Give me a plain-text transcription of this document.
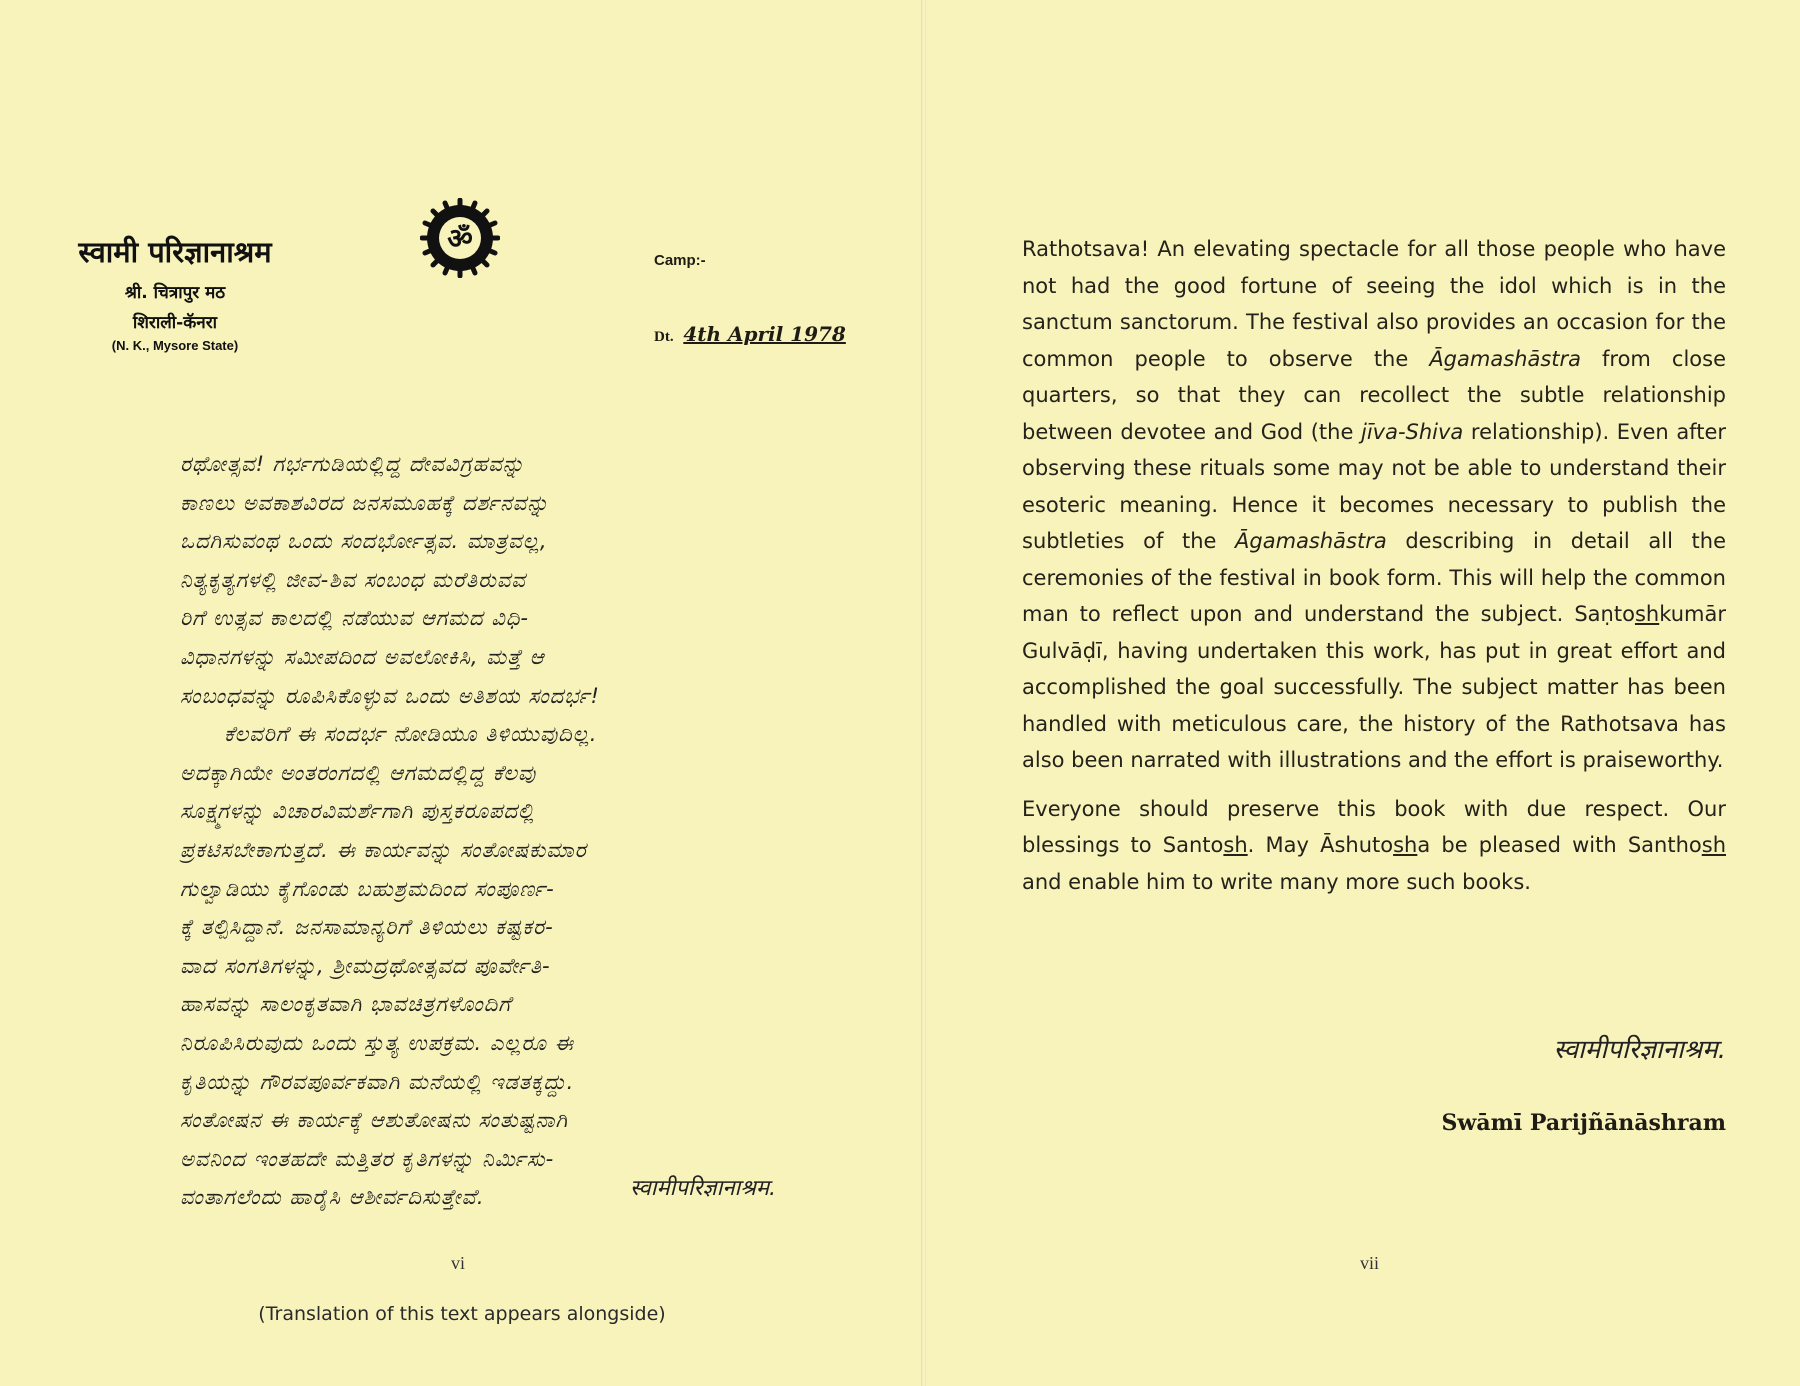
स्वामी परिज्ञानाश्रम
श्री. चित्रापुर मठ
शिराली-कॅनरा
(N. K., Mysore State)
ॐ
Camp:-
Dt. 4th April 1978
ರಥೋತ್ಸವ! ಗರ್ಭಗುಡಿಯಲ್ಲಿದ್ದ ದೇವವಿಗ್ರಹವನ್ನು
ಕಾಣಲು ಅವಕಾಶವಿರದ ಜನಸಮೂಹಕ್ಕೆ ದರ್ಶನವನ್ನು
ಒದಗಿಸುವಂಥ ಒಂದು ಸಂದರ್ಭೋತ್ಸವ. ಮಾತ್ರವಲ್ಲ,
ನಿತ್ಯಕೃತ್ಯಗಳಲ್ಲಿ ಜೀವ-ಶಿವ ಸಂಬಂಧ ಮರೆತಿರುವವ
ರಿಗೆ ಉತ್ಸವ ಕಾಲದಲ್ಲಿ ನಡೆಯುವ ಆಗಮದ ವಿಧಿ-
ವಿಧಾನಗಳನ್ನು ಸಮೀಪದಿಂದ ಅವಲೋಕಿಸಿ, ಮತ್ತೆ ಆ
ಸಂಬಂಧವನ್ನು ರೂಪಿಸಿಕೊಳ್ಳುವ ಒಂದು ಅತಿಶಯ ಸಂದರ್ಭ!
ಕೆಲವರಿಗೆ ಈ ಸಂದರ್ಭ ನೋಡಿಯೂ ತಿಳಿಯುವುದಿಲ್ಲ.
ಅದಕ್ಕಾಗಿಯೇ ಅಂತರಂಗದಲ್ಲಿ ಆಗಮದಲ್ಲಿದ್ದ ಕೆಲವು
ಸೂಕ್ಷ್ಮಗಳನ್ನು ವಿಚಾರವಿಮರ್ಶೆಗಾಗಿ ಪುಸ್ತಕರೂಪದಲ್ಲಿ
ಪ್ರಕಟಿಸಬೇಕಾಗುತ್ತದೆ. ಈ ಕಾರ್ಯವನ್ನು ಸಂತೋಷಕುಮಾರ
ಗುಲ್ವಾಡಿಯು ಕೈಗೊಂಡು ಬಹುಶ್ರಮದಿಂದ ಸಂಪೂರ್ಣ-
ಕ್ಕೆ ತಲ್ಪಿಸಿದ್ದಾನೆ. ಜನಸಾಮಾನ್ಯರಿಗೆ ತಿಳಿಯಲು ಕಷ್ಟಕರ-
ವಾದ ಸಂಗತಿಗಳನ್ನು, ಶ್ರೀಮದ್ರಥೋತ್ಸವದ ಪೂರ್ವೇತಿ-
ಹಾಸವನ್ನು ಸಾಲಂಕೃತವಾಗಿ ಭಾವಚಿತ್ರಗಳೊಂದಿಗೆ
ನಿರೂಪಿಸಿರುವುದು ಒಂದು ಸ್ತುತ್ಯ ಉಪಕ್ರಮ. ಎಲ್ಲರೂ ಈ
ಕೃತಿಯನ್ನು ಗೌರವಪೂರ್ವಕವಾಗಿ ಮನೆಯಲ್ಲಿ ಇಡತಕ್ಕದ್ದು.
ಸಂತೋಷನ ಈ ಕಾರ್ಯಕ್ಕೆ ಆಶುತೋಷನು ಸಂತುಷ್ಟನಾಗಿ
ಅವನಿಂದ ಇಂತಹದೇ ಮತ್ತಿತರ ಕೃತಿಗಳನ್ನು ನಿರ್ಮಿಸು-
ವಂತಾಗಲೆಂದು ಹಾರೈಸಿ ಆಶೀರ್ವದಿಸುತ್ತೇವೆ.	स्वामीपरिज्ञानाश्रम.
vi
(Translation of this text appears alongside)

Rathotsava! An elevating spectacle for all those people who have not had the good fortune of seeing the idol which is in the sanctum sanctorum. The festival also provides an occasion for the common people to observe the Āgamashāstra from close quarters, so that they can recollect the subtle relationship between devotee and God (the jīva-Shiva relationship). Even after observing these rituals some may not be able to understand their esoteric meaning. Hence it becomes necessary to publish the subtleties of the Āgamashāstra describing in detail all the ceremonies of the festival in book form. This will help the common man to reflect upon and understand the subject. Saṇtoshkumār Gulvāḍī, having undertaken this work, has put in great effort and accomplished the goal successfully. The subject matter has been handled with meticulous care, the history of the Rathotsava has also been narrated with illustrations and the effort is praiseworthy.

Everyone should preserve this book with due respect. Our blessings to Santosh. May Āshutosha be pleased with Santhosh and enable him to write many more such books.

स्वामीपरिज्ञानाश्रम.
Swāmī Parijñānāshram
vii
